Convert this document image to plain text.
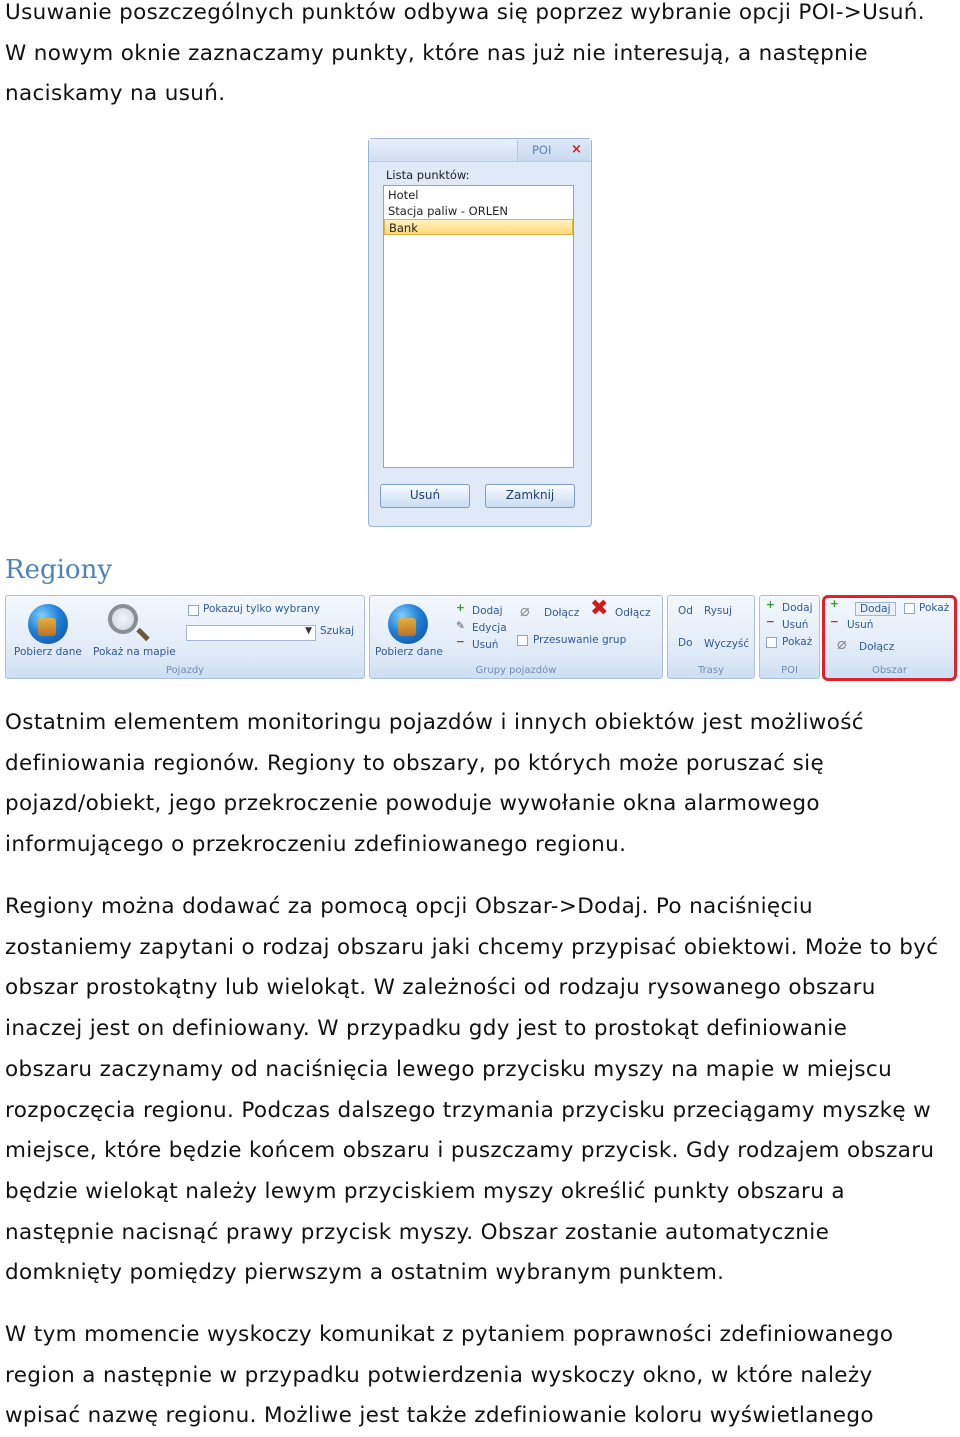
Usuwanie poszczególnych punktów odbywa się poprzez wybranie opcji POI->Usuń.
W nowym oknie zaznaczamy punkty, które nas już nie interesują, a następnie
naciskamy na usuń.
POI ×
Lista punktów:
Hotel
Stacja paliw - ORLEN
Bank
Usuń	Zamknij
Regiony
Pobierz dane Pokaż na mapie
Pokazuj tylko wybrany
▼ Szukaj
Pojazdy
Pobierz dane
+ Dodaj
✎ Edycja
− Usuń
⌀ Dołącz ✖ Odłącz
Przesuwanie grup
Grupy pojazdów
Od Rysuj
Do Wyczyść
Trasy
+ Dodaj
− Usuń
Pokaż
POI
+	Dodaj	Pokaż
− Usuń
⌀ Dołącz
Obszar
Ostatnim elementem monitoringu pojazdów i innych obiektów jest możliwość
definiowania regionów. Regiony to obszary, po których może poruszać się
pojazd/obiekt, jego przekroczenie powoduje wywołanie okna alarmowego
informującego o przekroczeniu zdefiniowanego regionu.
Regiony można dodawać za pomocą opcji Obszar->Dodaj. Po naciśnięciu
zostaniemy zapytani o rodzaj obszaru jaki chcemy przypisać obiektowi. Może to być
obszar prostokątny lub wielokąt. W zależności od rodzaju rysowanego obszaru
inaczej jest on definiowany. W przypadku gdy jest to prostokąt definiowanie
obszaru zaczynamy od naciśnięcia lewego przycisku myszy na mapie w miejscu
rozpoczęcia regionu. Podczas dalszego trzymania przycisku przeciągamy myszkę w
miejsce, które będzie końcem obszaru i puszczamy przycisk. Gdy rodzajem obszaru
będzie wielokąt należy lewym przyciskiem myszy określić punkty obszaru a
następnie nacisnąć prawy przycisk myszy. Obszar zostanie automatycznie
domknięty pomiędzy pierwszym a ostatnim wybranym punktem.
W tym momencie wyskoczy komunikat z pytaniem poprawności zdefiniowanego
region a następnie w przypadku potwierdzenia wyskoczy okno, w które należy
wpisać nazwę regionu. Możliwe jest także zdefiniowanie koloru wyświetlanego
